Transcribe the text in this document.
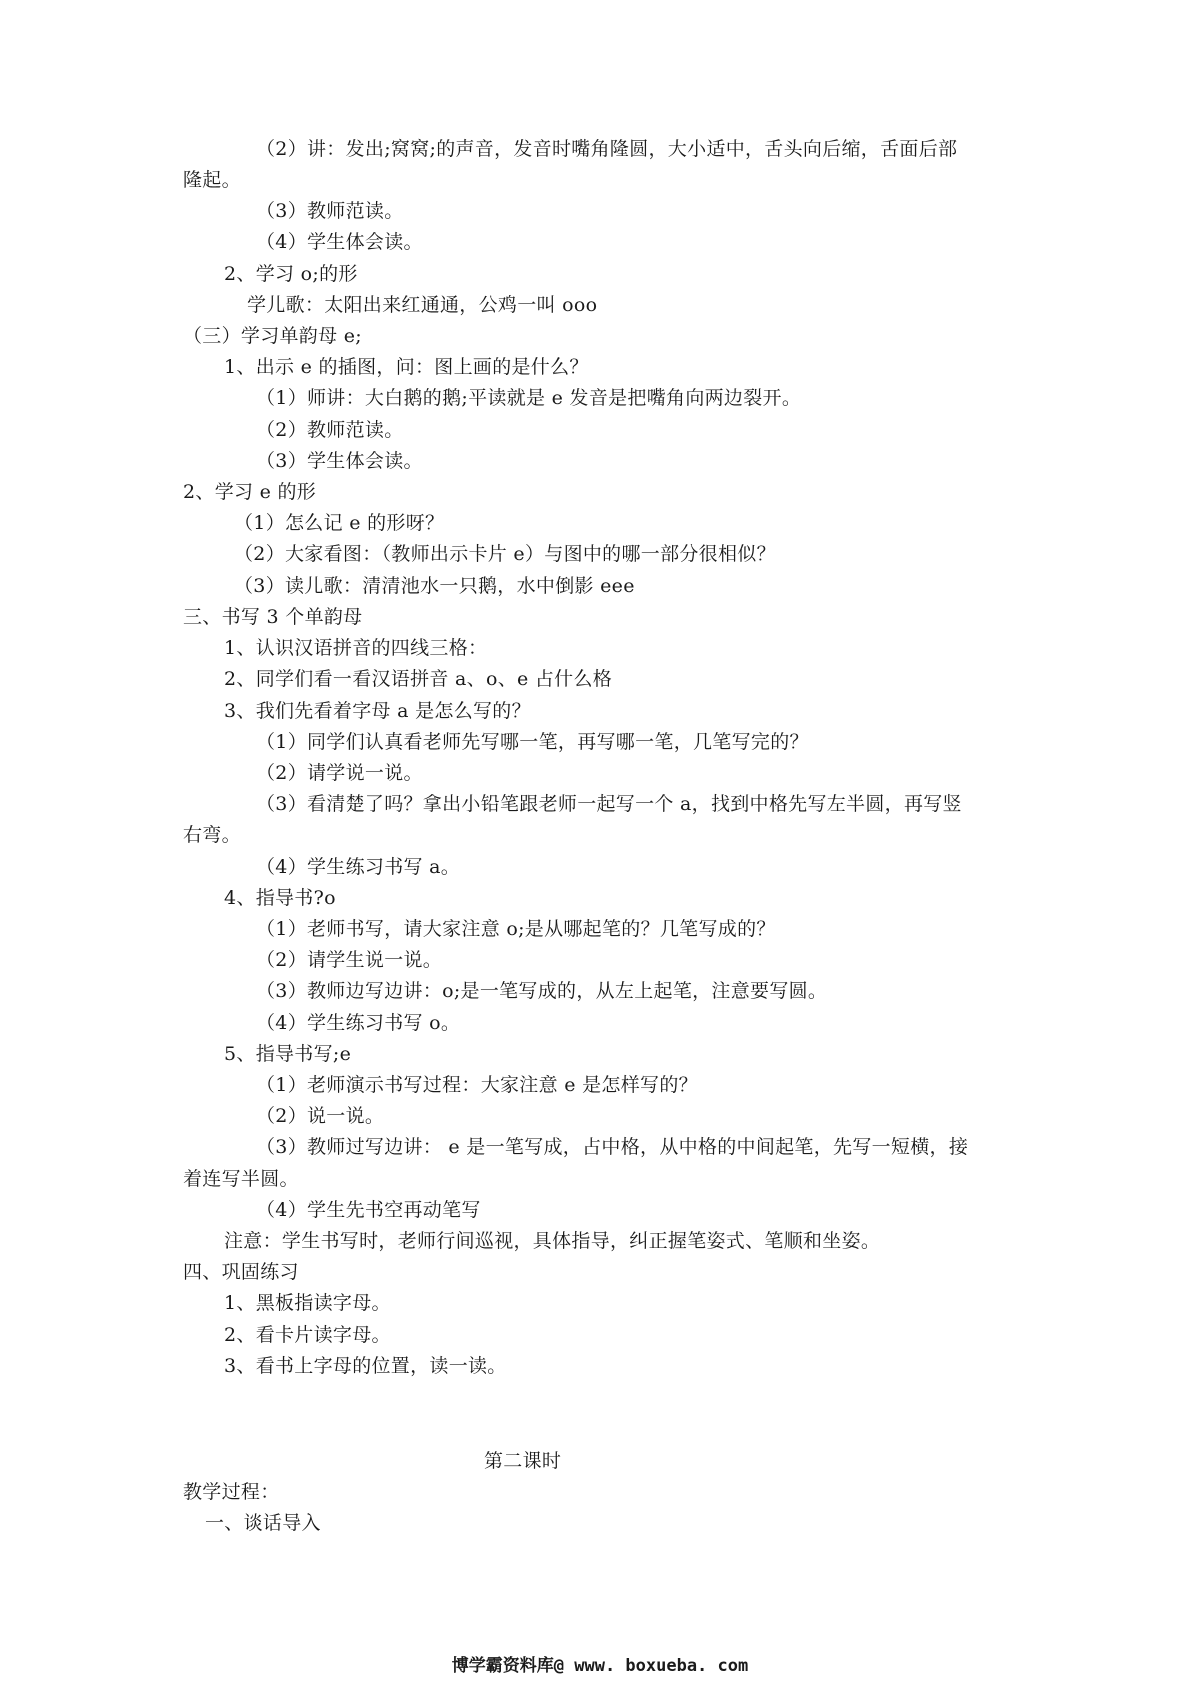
（2）讲：发出;窝窝;的声音，发音时嘴角隆圆，大小适中，舌头向后缩，舌面后部
隆起。
（3）教师范读。
（4）学生体会读。
2、学习 o;的形
学儿歌：太阳出来红通通，公鸡一叫 ooo
（三）学习单韵母 e;
1、出示 e 的插图，问：图上画的是什么？
（1）师讲：大白鹅的鹅;平读就是 e 发音是把嘴角向两边裂开。
（2）教师范读。
（3）学生体会读。
2、学习 e 的形
（1）怎么记 e 的形呀？
（2）大家看图：（教师出示卡片 e）与图中的哪一部分很相似？
（3）读儿歌：清清池水一只鹅，水中倒影 eee
三、书写 3 个单韵母
1、认识汉语拼音的四线三格：
2、同学们看一看汉语拼音 a、o、e 占什么格
3、我们先看着字母 a 是怎么写的？
（1）同学们认真看老师先写哪一笔，再写哪一笔，几笔写完的？
（2）请学说一说。
（3）看清楚了吗？拿出小铅笔跟老师一起写一个 a，找到中格先写左半圆，再写竖
右弯。
（4）学生练习书写 a。
4、指导书?o
（1）老师书写，请大家注意 o;是从哪起笔的？几笔写成的？
（2）请学生说一说。
（3）教师边写边讲：o;是一笔写成的，从左上起笔，注意要写圆。
（4）学生练习书写 o。
5、指导书写;e
（1）老师演示书写过程：大家注意 e 是怎样写的？
（2）说一说。
（3）教师过写边讲： e 是一笔写成，占中格，从中格的中间起笔，先写一短横，接
着连写半圆。
（4）学生先书空再动笔写
注意：学生书写时，老师行间巡视，具体指导，纠正握笔姿式、笔顺和坐姿。
四、巩固练习
1、黑板指读字母。
2、看卡片读字母。
3、看书上字母的位置，读一读。
第二课时
教学过程：
一、谈话导入
博学霸资料库@ www. boxueba. com
